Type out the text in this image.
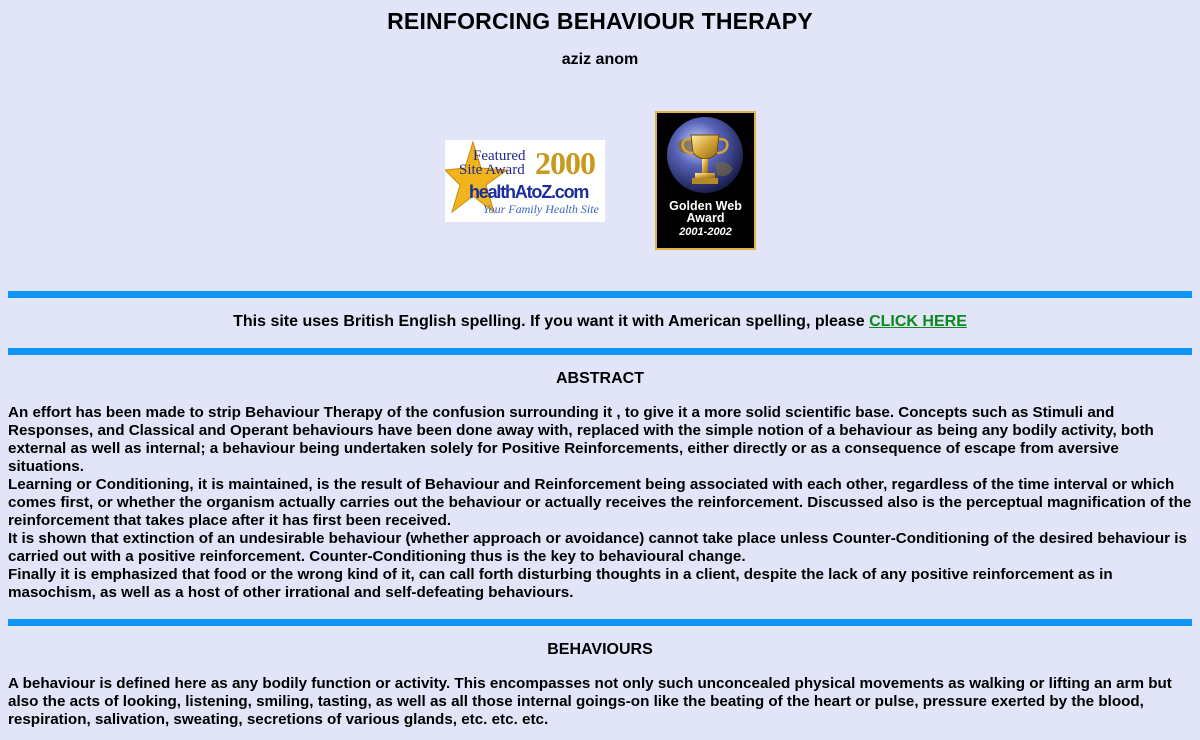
REINFORCING BEHAVIOUR THERAPY
aziz anom
Featured
Site Award 2000
healthAtoZ.com
Your Family Health Site	Golden Web
Award
2001-2002
This site uses British English spelling. If you want it with American spelling, please CLICK HERE
ABSTRACT

An effort has been made to strip Behaviour Therapy of the confusion surrounding it , to give it a more solid scientific base. Concepts such as Stimuli and Responses, and Classical and Operant behaviours have been done away with, replaced with the simple notion of a behaviour as being any bodily activity, both external as well as internal; a behaviour being undertaken solely for Positive Reinforcements, either directly or as a consequence of escape from aversive situations.

Learning or Conditioning, it is maintained, is the result of Behaviour and Reinforcement being associated with each other, regardless of the time interval or which comes first, or whether the organism actually carries out the behaviour or actually receives the reinforcement. Discussed also is the perceptual magnification of the reinforcement that takes place after it has first been received.

It is shown that extinction of an undesirable behaviour (whether approach or avoidance) cannot take place unless Counter-Conditioning of the desired behaviour is carried out with a positive reinforcement. Counter-Conditioning thus is the key to behavioural change.

Finally it is emphasized that food or the wrong kind of it, can call forth disturbing thoughts in a client, despite the lack of any positive reinforcement as in masochism, as well as a host of other irrational and self-defeating behaviours.

BEHAVIOURS

A behaviour is defined here as any bodily function or activity. This encompasses not only such unconcealed physical movements as walking or lifting an arm but also the acts of looking, listening, smiling, tasting, as well as all those internal goings-on like the beating of the heart or pulse, pressure exerted by the blood, respiration, salivation, sweating, secretions of various glands, etc. etc. etc.
